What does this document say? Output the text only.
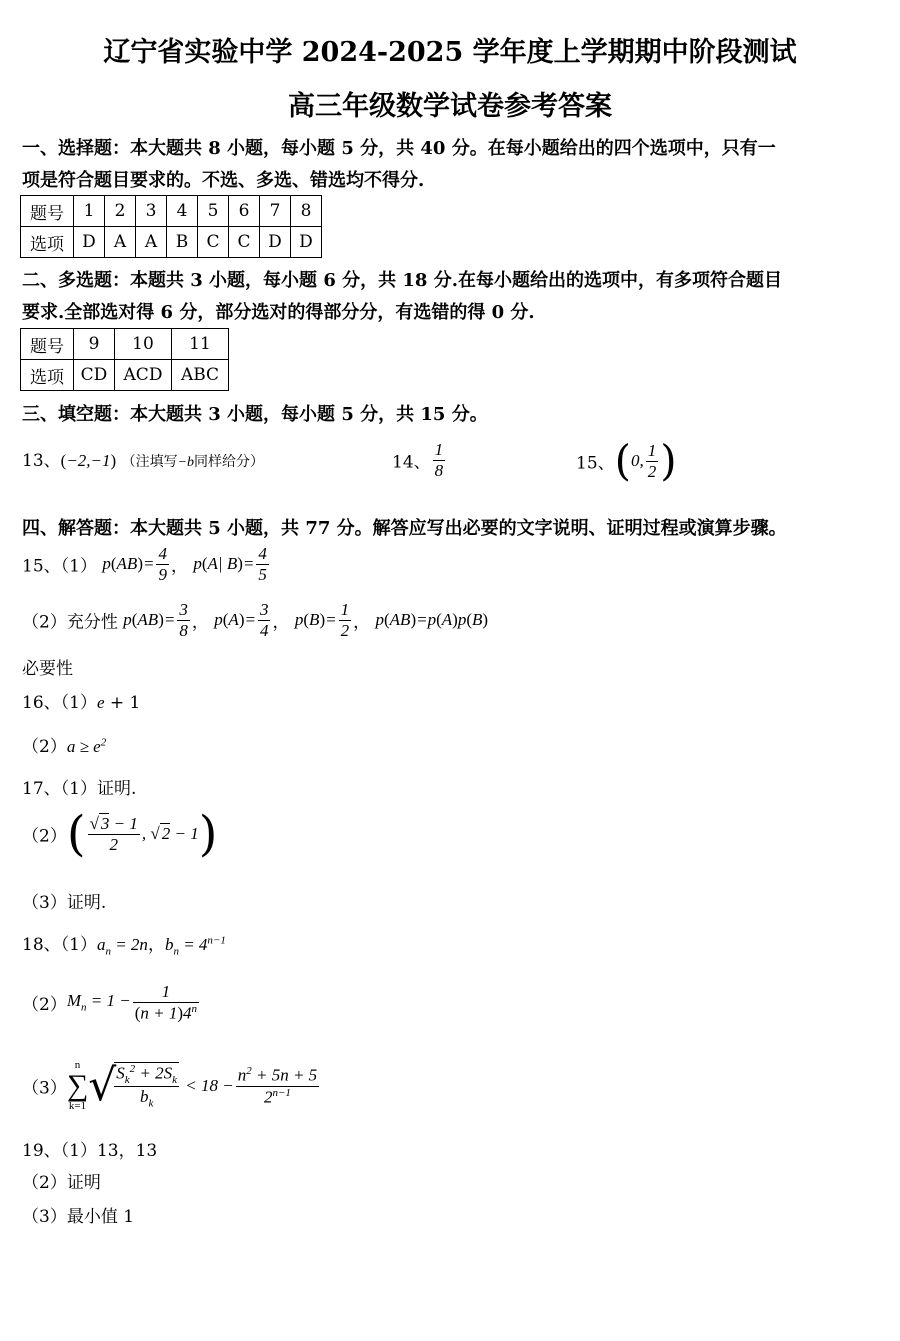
辽宁省实验中学 2024-2025 学年度上学期期中阶段测试
高三年级数学试卷参考答案
一、选择题：本大题共 8 小题，每小题 5 分，共 40 分。在每小题给出的四个选项中，只有一
项是符合题目要求的。不选、多选、错选均不得分.
题号	1	2	3	4	5	6	7	8
选项	D	A	A	B	C	C	D	D
二、多选题：本题共 3 小题，每小题 6 分，共 18 分.在每小题给出的选项中，有多项符合题目
要求.全部选对得 6 分，部分选对的得部分分，有选错的得 0 分.
题号	9	10	11
选项	CD	ACD	ABC
三、填空题：本大题共 3 小题，每小题 5 分，共 15 分。
13、(−2,−1) （注填写−b同样给分）	14、 $\frac{1}{8}$	15、(0, $\frac{1}{2}$ )
四、解答题：本大题共 5 小题，共 77 分。解答应写出必要的文字说明、证明过程或演算步骤。
15、（1） $p(AB)= \frac{4}{9}$ ， p(A| $B)= \frac{4}{5}$
（2）充分性 $p(AB)= \frac{3}{8}$ ， $p(A)= \frac{3}{4}$ ， $p(B)= \frac{1}{2}$ ， p(AB)=p(A)p(B)
必要性
16、（1）e + 1
$(2)a \ge e^2$
17、（1）证明.
$(2)( \frac{√ 3 - 1}{2}$ , √ 2 − 1)
（3）证明.
18、$(1)a_n = 2n$，$b_n = 4^{n-1}$
$(2)M_n = 1 - \frac{1}{(n + 1)4^n}$
（3）
n
∑
k=1 √
$\frac{S_k^2 + 2S_k}{b_k} < 18 - \frac{n^2 + 5n + 5}{2^{n-1}}$
19、（1）13，13
（2）证明
（3）最小值 1
